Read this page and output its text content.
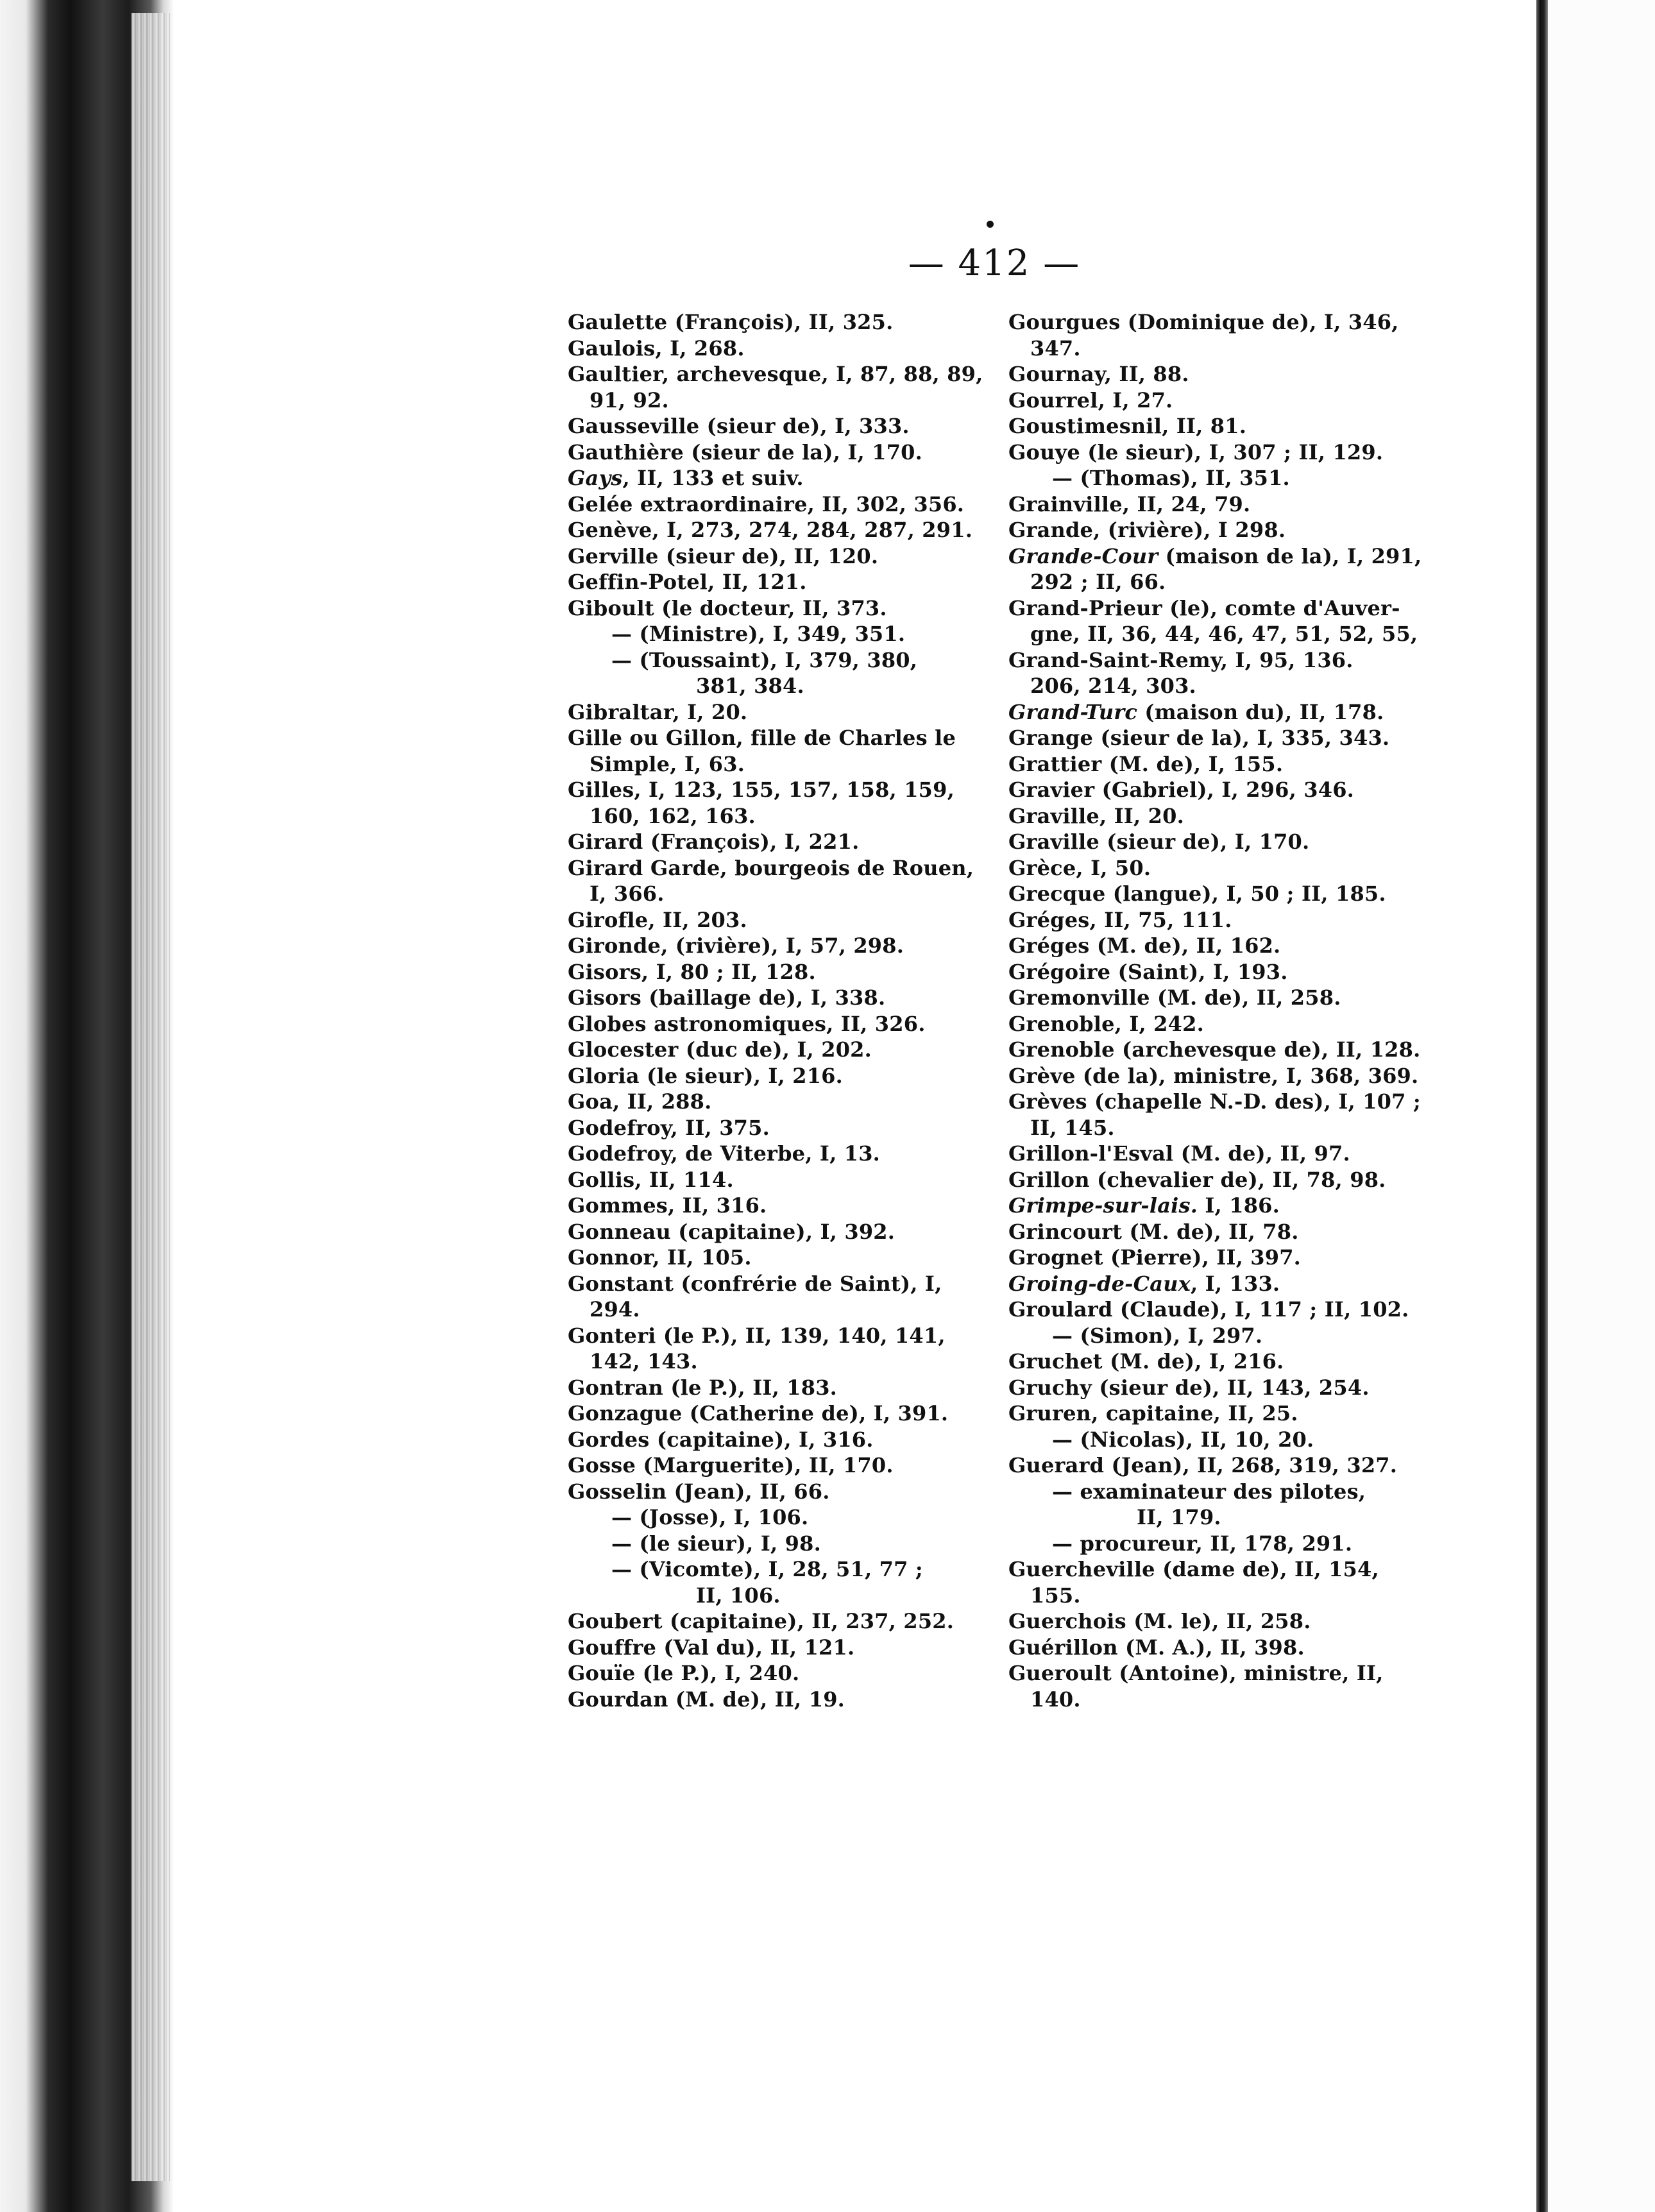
— 412 —
Gaulette (François), II, 325.
Gaulois, I, 268.
Gaultier, archevesque, I, 87, 88, 89,
91, 92.
Gausseville (sieur de), I, 333.
Gauthière (sieur de la), I, 170.
Gays, II, 133 et suiv.
Gelée extraordinaire, II, 302, 356.
Genève, I, 273, 274, 284, 287, 291.
Gerville (sieur de), II, 120.
Geffin-Potel, II, 121.
Giboult (le docteur, II, 373.
— (Ministre), I, 349, 351.
— (Toussaint), I, 379, 380,
381, 384.
Gibraltar, I, 20.
Gille ou Gillon, fille de Charles le
Simple, I, 63.
Gilles, I, 123, 155, 157, 158, 159,
160, 162, 163.
Girard (François), I, 221.
Girard Garde, bourgeois de Rouen,
I, 366.
Girofle, II, 203.
Gironde, (rivière), I, 57, 298.
Gisors, I, 80 ; II, 128.
Gisors (baillage de), I, 338.
Globes astronomiques, II, 326.
Glocester (duc de), I, 202.
Gloria (le sieur), I, 216.
Goa, II, 288.
Godefroy, II, 375.
Godefroy, de Viterbe, I, 13.
Gollis, II, 114.
Gommes, II, 316.
Gonneau (capitaine), I, 392.
Gonnor, II, 105.
Gonstant (confrérie de Saint), I,
294.
Gonteri (le P.), II, 139, 140, 141,
142, 143.
Gontran (le P.), II, 183.
Gonzague (Catherine de), I, 391.
Gordes (capitaine), I, 316.
Gosse (Marguerite), II, 170.
Gosselin (Jean), II, 66.
— (Josse), I, 106.
— (le sieur), I, 98.
— (Vicomte), I, 28, 51, 77 ;
II, 106.
Goubert (capitaine), II, 237, 252.
Gouffre (Val du), II, 121.
Gouïe (le P.), I, 240.
Gourdan (M. de), II, 19.
Gourgues (Dominique de), I, 346,
347.
Gournay, II, 88.
Gourrel, I, 27.
Goustimesnil, II, 81.
Gouye (le sieur), I, 307 ; II, 129.
— (Thomas), II, 351.
Grainville, II, 24, 79.
Grande, (rivière), I 298.
Grande-Cour (maison de la), I, 291,
292 ; II, 66.
Grand-Prieur (le), comte d'Auver-
gne, II, 36, 44, 46, 47, 51, 52, 55,
Grand-Saint-Remy, I, 95, 136.
206, 214, 303.
Grand-Turc (maison du), II, 178.
Grange (sieur de la), I, 335, 343.
Grattier (M. de), I, 155.
Gravier (Gabriel), I, 296, 346.
Graville, II, 20.
Graville (sieur de), I, 170.
Grèce, I, 50.
Grecque (langue), I, 50 ; II, 185.
Gréges, II, 75, 111.
Gréges (M. de), II, 162.
Grégoire (Saint), I, 193.
Gremonville (M. de), II, 258.
Grenoble, I, 242.
Grenoble (archevesque de), II, 128.
Grève (de la), ministre, I, 368, 369.
Grèves (chapelle N.-D. des), I, 107 ;
II, 145.
Grillon-l'Esval (M. de), II, 97.
Grillon (chevalier de), II, 78, 98.
Grimpe-sur-lais. I, 186.
Grincourt (M. de), II, 78.
Grognet (Pierre), II, 397.
Groing-de-Caux, I, 133.
Groulard (Claude), I, 117 ; II, 102.
— (Simon), I, 297.
Gruchet (M. de), I, 216.
Gruchy (sieur de), II, 143, 254.
Gruren, capitaine, II, 25.
— (Nicolas), II, 10, 20.
Guerard (Jean), II, 268, 319, 327.
— examinateur des pilotes,
II, 179.
— procureur, II, 178, 291.
Guercheville (dame de), II, 154,
155.
Guerchois (M. le), II, 258.
Guérillon (M. A.), II, 398.
Gueroult (Antoine), ministre, II,
140.
